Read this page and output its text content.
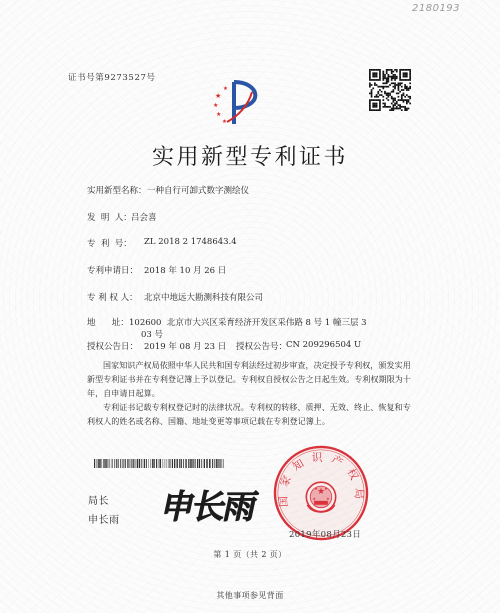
2180193
证书号第9273527号
★
★
★
★
★
实用新型专利证书
实用新型名称： 一种自行可卸式数字测绘仪
发  明  人： 吕会喜
专  利  号： ZL 2018 2 1748643.4
专利申请日： 2018 年 10 月 26 日
专 利 权 人： 北京中地远大勘测科技有限公司
地      址： 102600  北京市大兴区采育经济开发区采伟路 8 号 1 幢三层 3
03 号
授权公告日： 2019 年 08 月 23 日 授权公告号：
CN 209296504 U
国家知识产权局依照中华人民共和国专利法经过初步审查，决定授予专利权，颁发实用新型专利证书并在专利登记簿上予以登记。专利权自授权公告之日起生效。专利权期限为十年，自申请日起算。
专利证书记载专利权登记时的法律状况。专利权的转移、质押、无效、终止、恢复和专利权人的姓名或名称、国籍、地址变更等事项记载在专利登记簿上。
局长
申长雨 申长雨 国家知识产权局
★
★	★
★ ★
2019年08月23日
第 1 页（共 2 页）
其他事项参见背面
